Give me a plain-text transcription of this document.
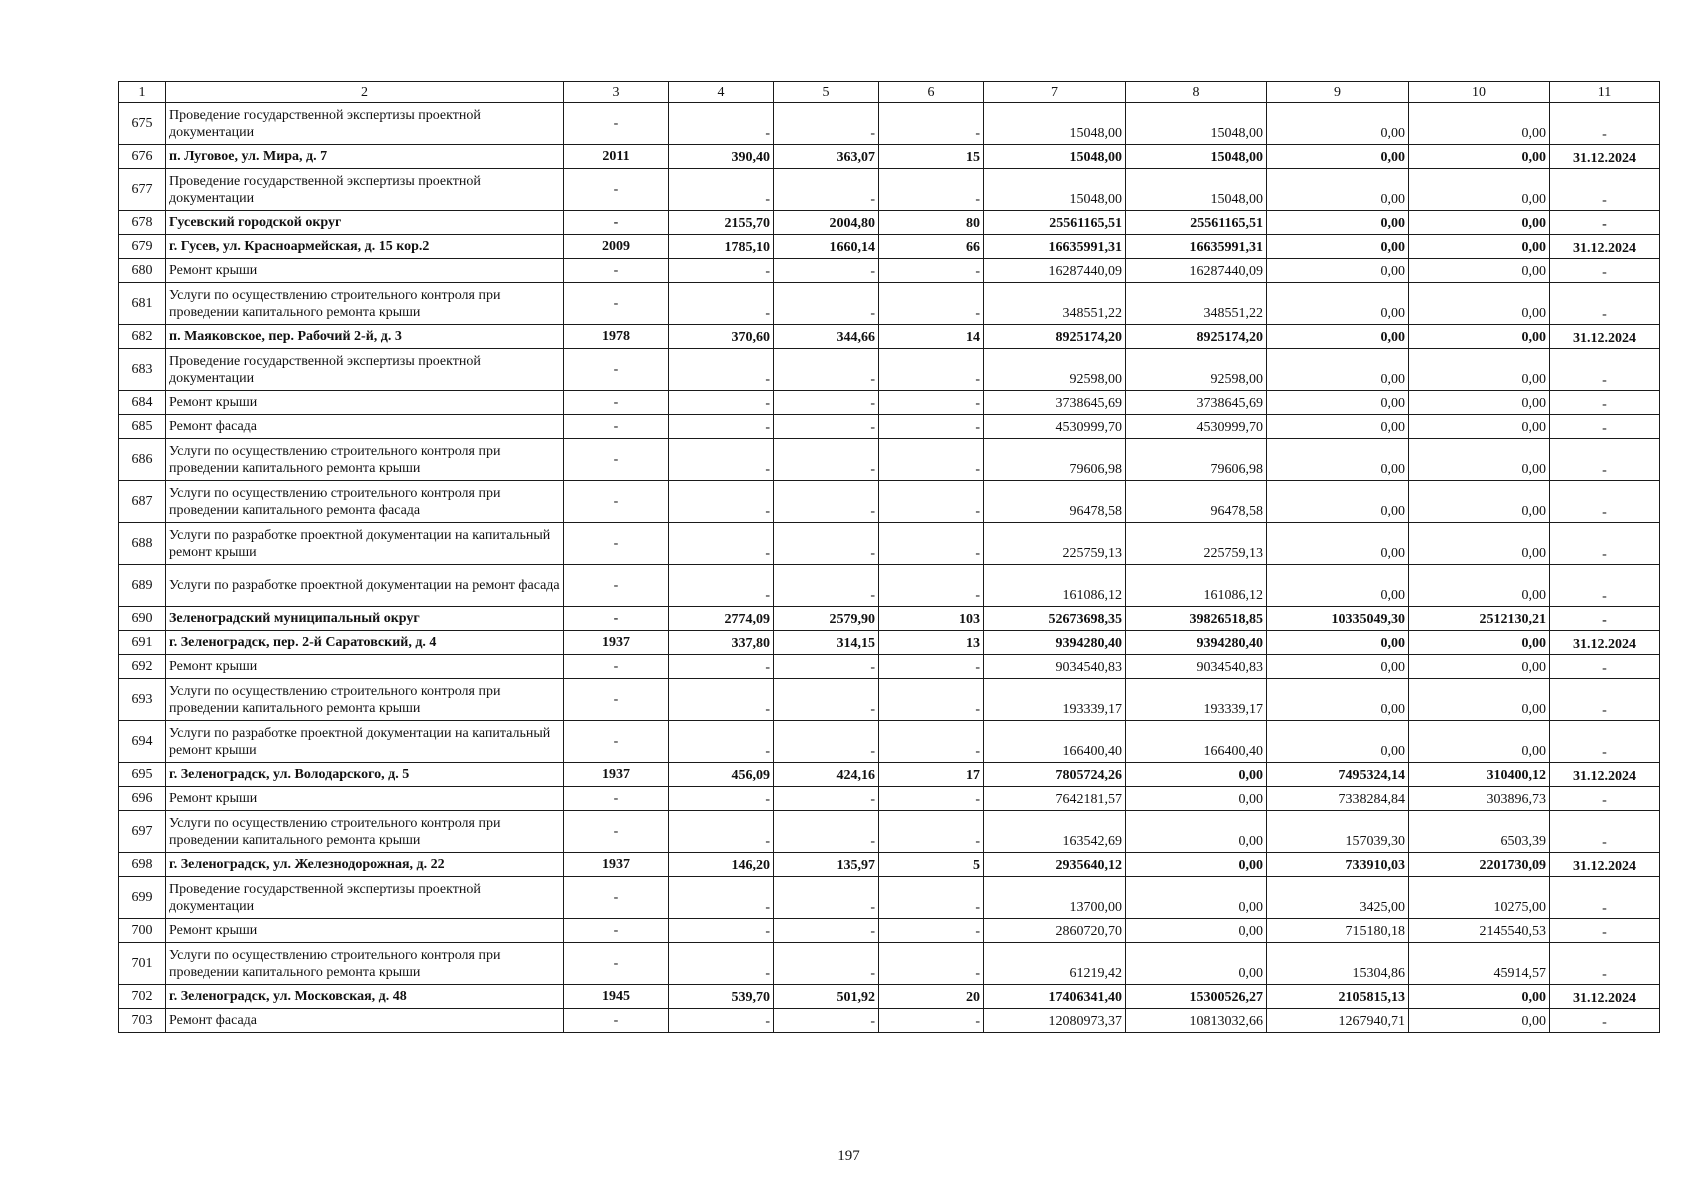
1	2	3	4	5	6	7	8	9	10	11
675	Проведение государственной экспертизы проектной документации	-	-	-	-	15048,00	15048,00	0,00	0,00	-
676	п. Луговое, ул. Мира, д. 7	2011	390,40	363,07	15	15048,00	15048,00	0,00	0,00	31.12.2024
677	Проведение государственной экспертизы проектной документации	-	-	-	-	15048,00	15048,00	0,00	0,00	-
678	Гусевский городской округ	-	2155,70	2004,80	80	25561165,51	25561165,51	0,00	0,00	-
679	г. Гусев, ул. Красноармейская, д. 15 кор.2	2009	1785,10	1660,14	66	16635991,31	16635991,31	0,00	0,00	31.12.2024
680	Ремонт крыши	-	-	-	-	16287440,09	16287440,09	0,00	0,00	-
681	Услуги по осуществлению строительного контроля при проведении капитального ремонта крыши	-	-	-	-	348551,22	348551,22	0,00	0,00	-
682	п. Маяковское, пер. Рабочий 2-й, д. 3	1978	370,60	344,66	14	8925174,20	8925174,20	0,00	0,00	31.12.2024
683	Проведение государственной экспертизы проектной документации	-	-	-	-	92598,00	92598,00	0,00	0,00	-
684	Ремонт крыши	-	-	-	-	3738645,69	3738645,69	0,00	0,00	-
685	Ремонт фасада	-	-	-	-	4530999,70	4530999,70	0,00	0,00	-
686	Услуги по осуществлению строительного контроля при проведении капитального ремонта крыши	-	-	-	-	79606,98	79606,98	0,00	0,00	-
687	Услуги по осуществлению строительного контроля при проведении капитального ремонта фасада	-	-	-	-	96478,58	96478,58	0,00	0,00	-
688	Услуги по разработке проектной документации на капитальный ремонт крыши	-	-	-	-	225759,13	225759,13	0,00	0,00	-
689	Услуги по разработке проектной документации на ремонт фасада	-	-	-	-	161086,12	161086,12	0,00	0,00	-
690	Зеленоградский муниципальный округ	-	2774,09	2579,90	103	52673698,35	39826518,85	10335049,30	2512130,21	-
691	г. Зеленоградск, пер. 2-й Саратовский, д. 4	1937	337,80	314,15	13	9394280,40	9394280,40	0,00	0,00	31.12.2024
692	Ремонт крыши	-	-	-	-	9034540,83	9034540,83	0,00	0,00	-
693	Услуги по осуществлению строительного контроля при проведении капитального ремонта крыши	-	-	-	-	193339,17	193339,17	0,00	0,00	-
694	Услуги по разработке проектной документации на капитальный ремонт крыши	-	-	-	-	166400,40	166400,40	0,00	0,00	-
695	г. Зеленоградск, ул. Володарского, д. 5	1937	456,09	424,16	17	7805724,26	0,00	7495324,14	310400,12	31.12.2024
696	Ремонт крыши	-	-	-	-	7642181,57	0,00	7338284,84	303896,73	-
697	Услуги по осуществлению строительного контроля при проведении капитального ремонта крыши	-	-	-	-	163542,69	0,00	157039,30	6503,39	-
698	г. Зеленоградск, ул. Железнодорожная, д. 22	1937	146,20	135,97	5	2935640,12	0,00	733910,03	2201730,09	31.12.2024
699	Проведение государственной экспертизы проектной документации	-	-	-	-	13700,00	0,00	3425,00	10275,00	-
700	Ремонт крыши	-	-	-	-	2860720,70	0,00	715180,18	2145540,53	-
701	Услуги по осуществлению строительного контроля при проведении капитального ремонта крыши	-	-	-	-	61219,42	0,00	15304,86	45914,57	-
702	г. Зеленоградск, ул. Московская, д. 48	1945	539,70	501,92	20	17406341,40	15300526,27	2105815,13	0,00	31.12.2024
703	Ремонт фасада	-	-	-	-	12080973,37	10813032,66	1267940,71	0,00	-
197
